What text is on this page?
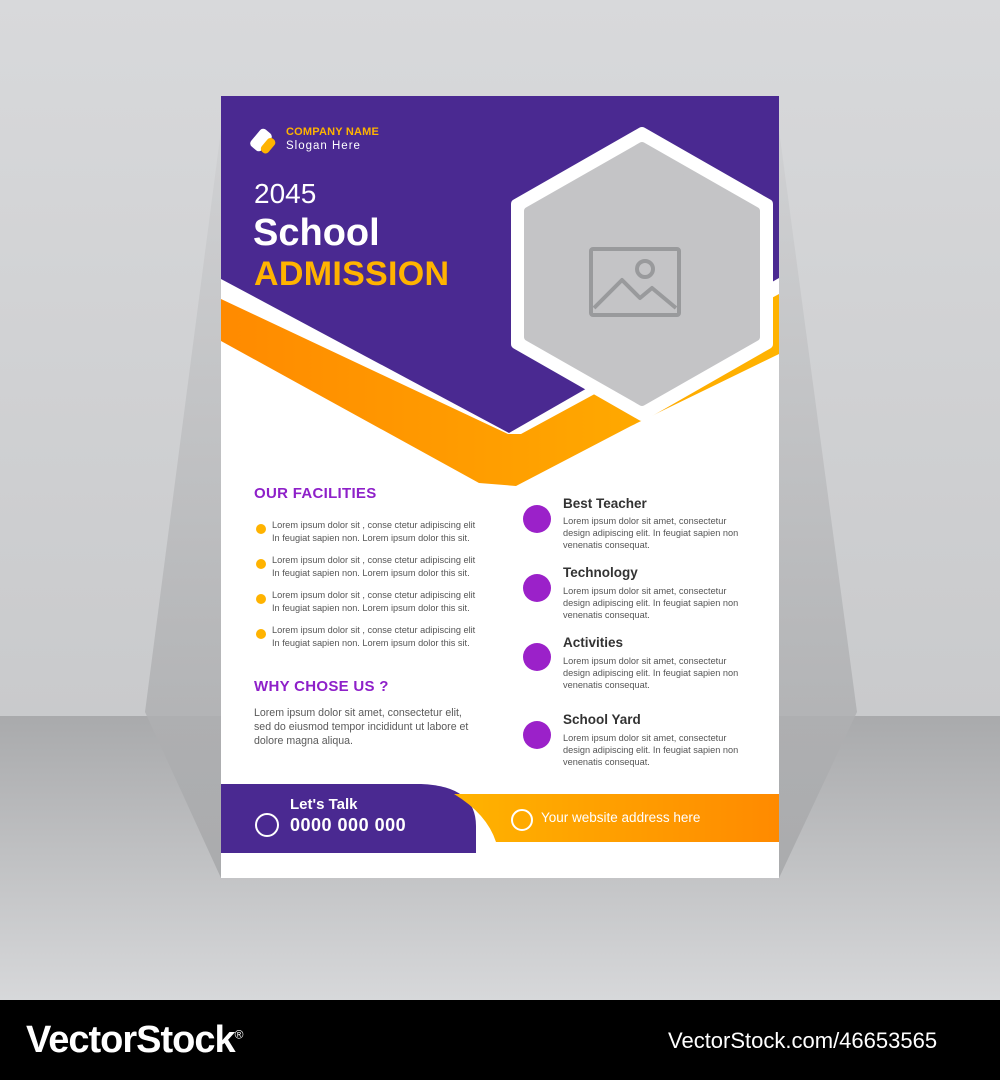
COMPANY NAME
Slogan Here
2045
School
ADMISSION
OUR FACILITIES
Lorem ipsum dolor sit , conse ctetur adipiscing elit
In feugiat sapien non. Lorem ipsum dolor this sit.
Lorem ipsum dolor sit , conse ctetur adipiscing elit
In feugiat sapien non. Lorem ipsum dolor this sit.
Lorem ipsum dolor sit , conse ctetur adipiscing elit
In feugiat sapien non. Lorem ipsum dolor this sit.
Lorem ipsum dolor sit , conse ctetur adipiscing elit
In feugiat sapien non. Lorem ipsum dolor this sit.
WHY CHOSE US ?
Lorem ipsum dolor sit amet, consectetur elit,
sed do eiusmod tempor incididunt ut labore et
dolore magna aliqua.
Best Teacher
Lorem ipsum dolor sit amet, consectetur
design adipiscing elit. In feugiat sapien non
venenatis consequat.
Technology
Lorem ipsum dolor sit amet, consectetur
design adipiscing elit. In feugiat sapien non
venenatis consequat.
Activities
Lorem ipsum dolor sit amet, consectetur
design adipiscing elit. In feugiat sapien non
venenatis consequat.
School Yard
Lorem ipsum dolor sit amet, consectetur
design adipiscing elit. In feugiat sapien non
venenatis consequat.
Let's Talk
0000 000 000	Your website address here
VectorStock®	VectorStock.com/46653565
